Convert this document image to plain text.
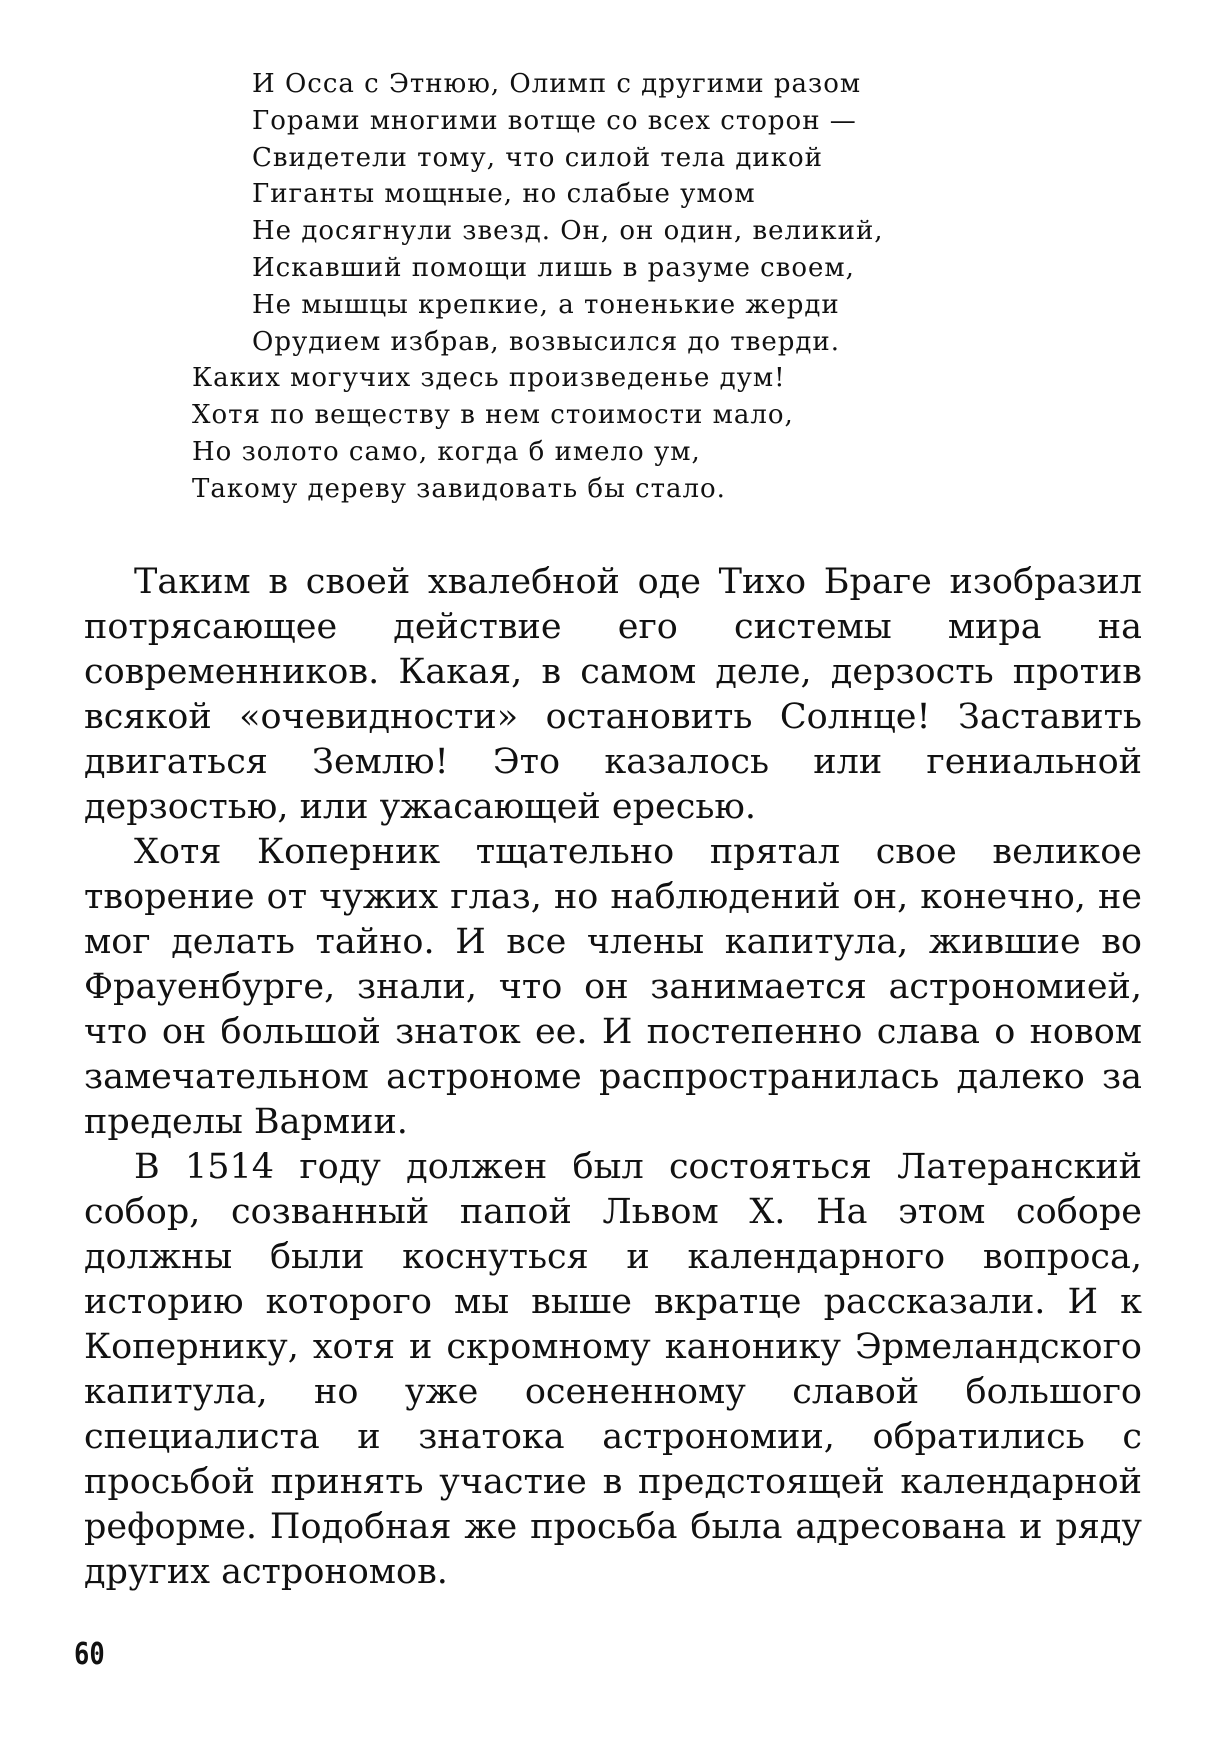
И Осса с Этнюю, Олимп с другими разом
Горами многими вотще со всех сторон —
Свидетели тому, что силой тела дикой
Гиганты мощные, но слабые умом
Не досягнули звезд. Он, он один, великий,
Искавший помощи лишь в разуме своем,
Не мышцы крепкие, а тоненькие жерди
Орудием избрав, возвысился до тверди.
Каких могучих здесь произведенье дум!
Хотя по веществу в нем стоимости мало,
Но золото само, когда б имело ум,
Такому дереву завидовать бы стало.

Таким в своей хвалебной оде Тихо Браге изобразил потрясающее действие его системы мира на современников. Какая, в самом деле, дерзость против всякой «очевидности» остановить Солнце! Заставить двигаться Землю! Это казалось или гениальной дерзостью, или ужасающей ересью.

Хотя Коперник тщательно прятал свое великое творение от чужих глаз, но наблюдений он, конечно, не мог делать тайно. И все члены капитула, жившие во Фрауенбурге, знали, что он занимается астрономией, что он большой знаток ее. И постепенно слава о новом замечательном астрономе распространилась далеко за пределы Вармии.

В 1514 году должен был состояться Латеранский собор, созванный папой Львом X. На этом соборе должны были коснуться и календарного вопроса, историю которого мы выше вкратце рассказали. И к Копернику, хотя и скромному канонику Эрмеландского капитула, но уже осененному славой большого специалиста и знатока астрономии, обратились с просьбой принять участие в предстоящей календарной реформе. Подобная же просьба была адресована и ряду других астрономов.

60
